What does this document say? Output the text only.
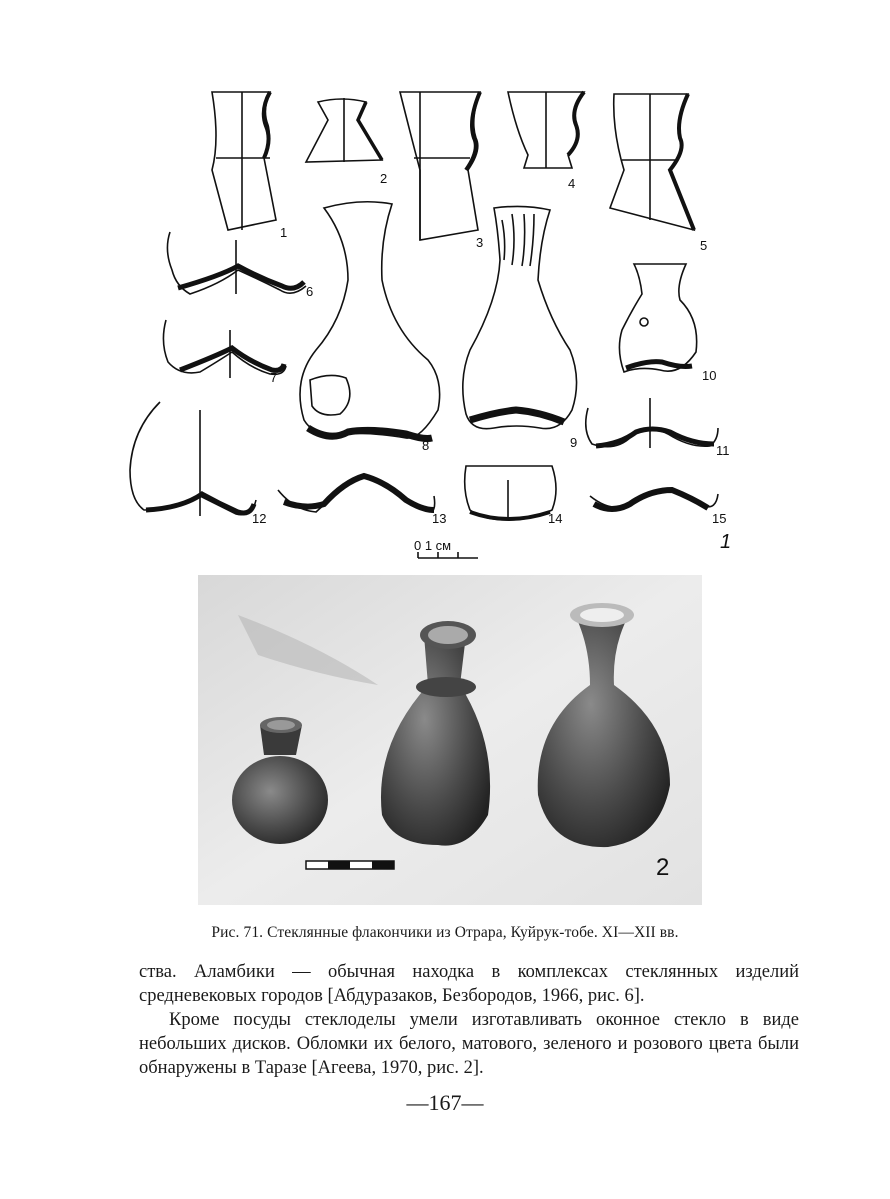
1
2
3
4
5
6
7
8	9
10
11
12	13	14	15
0 1 см	1
2
Рис. 71. Стеклянные флакончики из Отрара, Куйрук-тобе. XI—XII вв.

ства. Аламбики — обычная находка в комплексах стеклянных изделий средневековых городов [Абдуразаков, Безбородов, 1966, рис. 6].

Кроме посуды стеклоделы умели изготавливать оконное стекло в виде небольших дисков. Обломки их белого, матового, зеленого и розового цвета были обнаружены в Таразе [Агеева, 1970, рис. 2].

—167—
